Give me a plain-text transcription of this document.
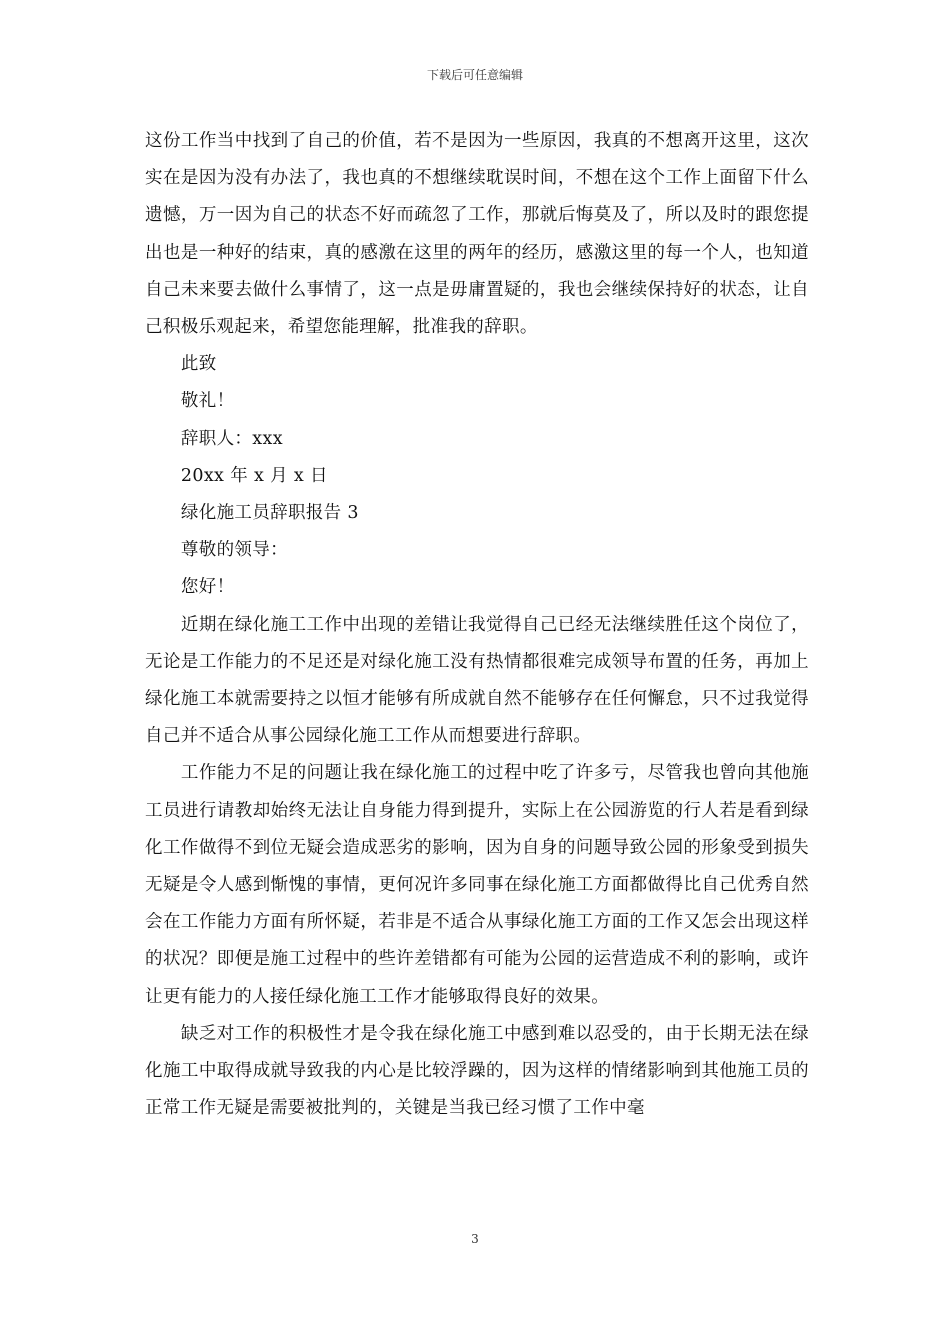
下载后可任意编辑

这份工作当中找到了自己的价值，若不是因为一些原因，我真的不想离开这里，这次实在是因为没有办法了，我也真的不想继续耽误时间，不想在这个工作上面留下什么遗憾，万一因为自己的状态不好而疏忽了工作，那就后悔莫及了，所以及时的跟您提出也是一种好的结束，真的感激在这里的两年的经历，感激这里的每一个人，也知道自己未来要去做什么事情了，这一点是毋庸置疑的，我也会继续保持好的状态，让自己积极乐观起来，希望您能理解，批准我的辞职。

此致

敬礼！

辞职人：xxx

20xx 年 x 月 x 日

绿化施工员辞职报告 3

尊敬的领导：

您好！

近期在绿化施工工作中出现的差错让我觉得自己已经无法继续胜任这个岗位了，无论是工作能力的不足还是对绿化施工没有热情都很难完成领导布置的任务，再加上绿化施工本就需要持之以恒才能够有所成就自然不能够存在任何懈怠，只不过我觉得自己并不适合从事公园绿化施工工作从而想要进行辞职。

工作能力不足的问题让我在绿化施工的过程中吃了许多亏，尽管我也曾向其他施工员进行请教却始终无法让自身能力得到提升，实际上在公园游览的行人若是看到绿化工作做得不到位无疑会造成恶劣的影响，因为自身的问题导致公园的形象受到损失无疑是令人感到惭愧的事情，更何况许多同事在绿化施工方面都做得比自己优秀自然会在工作能力方面有所怀疑，若非是不适合从事绿化施工方面的工作又怎会出现这样的状况？即便是施工过程中的些许差错都有可能为公园的运营造成不利的影响，或许让更有能力的人接任绿化施工工作才能够取得良好的效果。

缺乏对工作的积极性才是令我在绿化施工中感到难以忍受的，由于长期无法在绿化施工中取得成就导致我的内心是比较浮躁的，因为这样的情绪影响到其他施工员的正常工作无疑是需要被批判的，关键是当我已经习惯了工作中毫

3
